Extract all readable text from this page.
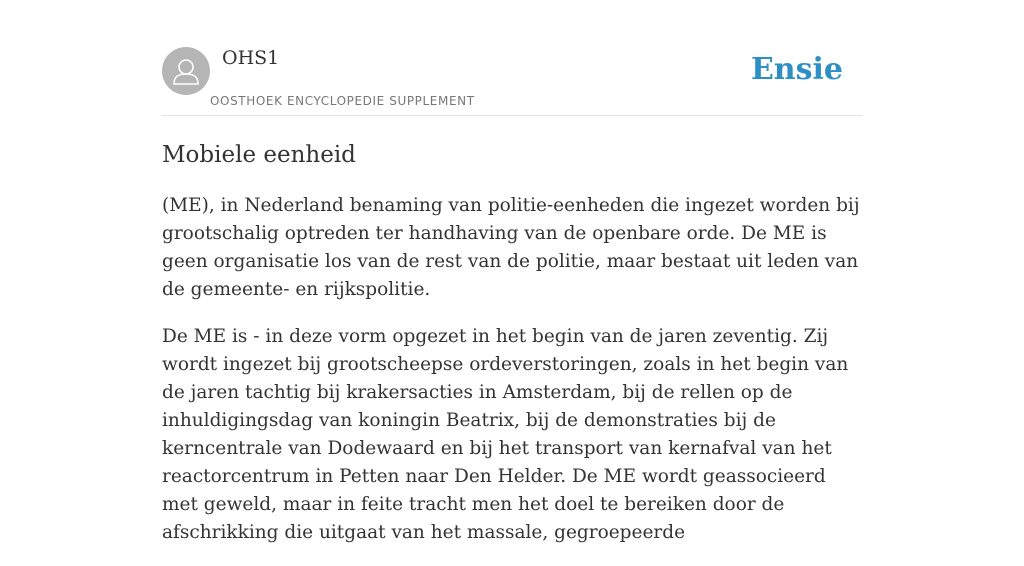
OHS1
OOSTHOEK ENCYCLOPEDIE SUPPLEMENT
Ensie
Mobiele eenheid

(ME), in Nederland benaming van politie-eenheden die ingezet worden bij grootschalig optreden ter handhaving van de openbare orde. De ME is geen organisatie los van de rest van de politie, maar bestaat uit leden van de gemeente- en rijkspolitie.

De ME is - in deze vorm opgezet in het begin van de jaren zeventig. Zij wordt ingezet bij grootscheepse ordeverstoringen, zoals in het begin van de jaren tachtig bij krakersacties in Amsterdam, bij de rellen op de inhuldigingsdag van koningin Beatrix, bij de demonstraties bij de kerncentrale van Dodewaard en bij het transport van kernafval van het reactorcentrum in Petten naar Den Helder. De ME wordt geassocieerd met geweld, maar in feite tracht men het doel te bereiken door de afschrikking die uitgaat van het massale, gegroepeerde
